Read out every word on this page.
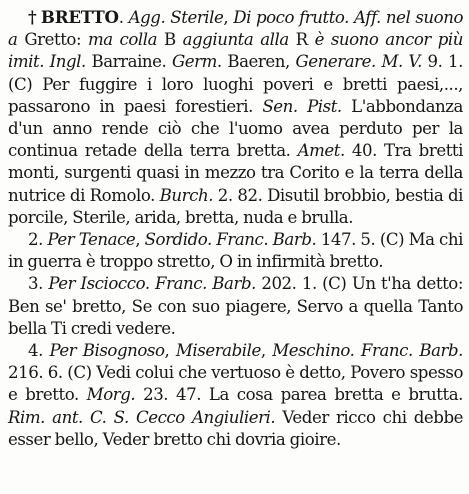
† BRETTO. Agg. Sterile, Di poco frutto. Aff. nel suono a Gretto: ma colla B aggiunta alla R è suono ancor più imit. Ingl. Barraine. Germ. Baeren, Generare. M. V. 9. 1. (C) Per fuggire i loro luoghi poveri e bretti paesi,..., passarono in paesi forestieri. Sen. Pist. L'abbondanza d'un anno rende ciò che l'uomo avea perduto per la continua retade della terra bretta. Amet. 40. Tra bretti monti, surgenti quasi in mezzo tra Corito e la terra della nutrice di Romolo. Burch. 2. 82. Disutil brobbio, bestia di porcile, Sterile, arida, bretta, nuda e brulla.

2. Per Tenace, Sordido. Franc. Barb. 147. 5. (C) Ma chi in guerra è troppo stretto, O in infirmità bretto.

3. Per Isciocco. Franc. Barb. 202. 1. (C) Un t'ha detto: Ben se' bretto, Se con suo piagere, Servo a quella Tanto bella Ti credi vedere.

4. Per Bisognoso, Miserabile, Meschino. Franc. Barb. 216. 6. (C) Vedi colui che vertuoso è detto, Povero spesso e bretto. Morg. 23. 47. La cosa parea bretta e brutta. Rim. ant. C. S. Cecco Angiulieri. Veder ricco chi debbe esser bello, Veder bretto chi dovria gioire.
